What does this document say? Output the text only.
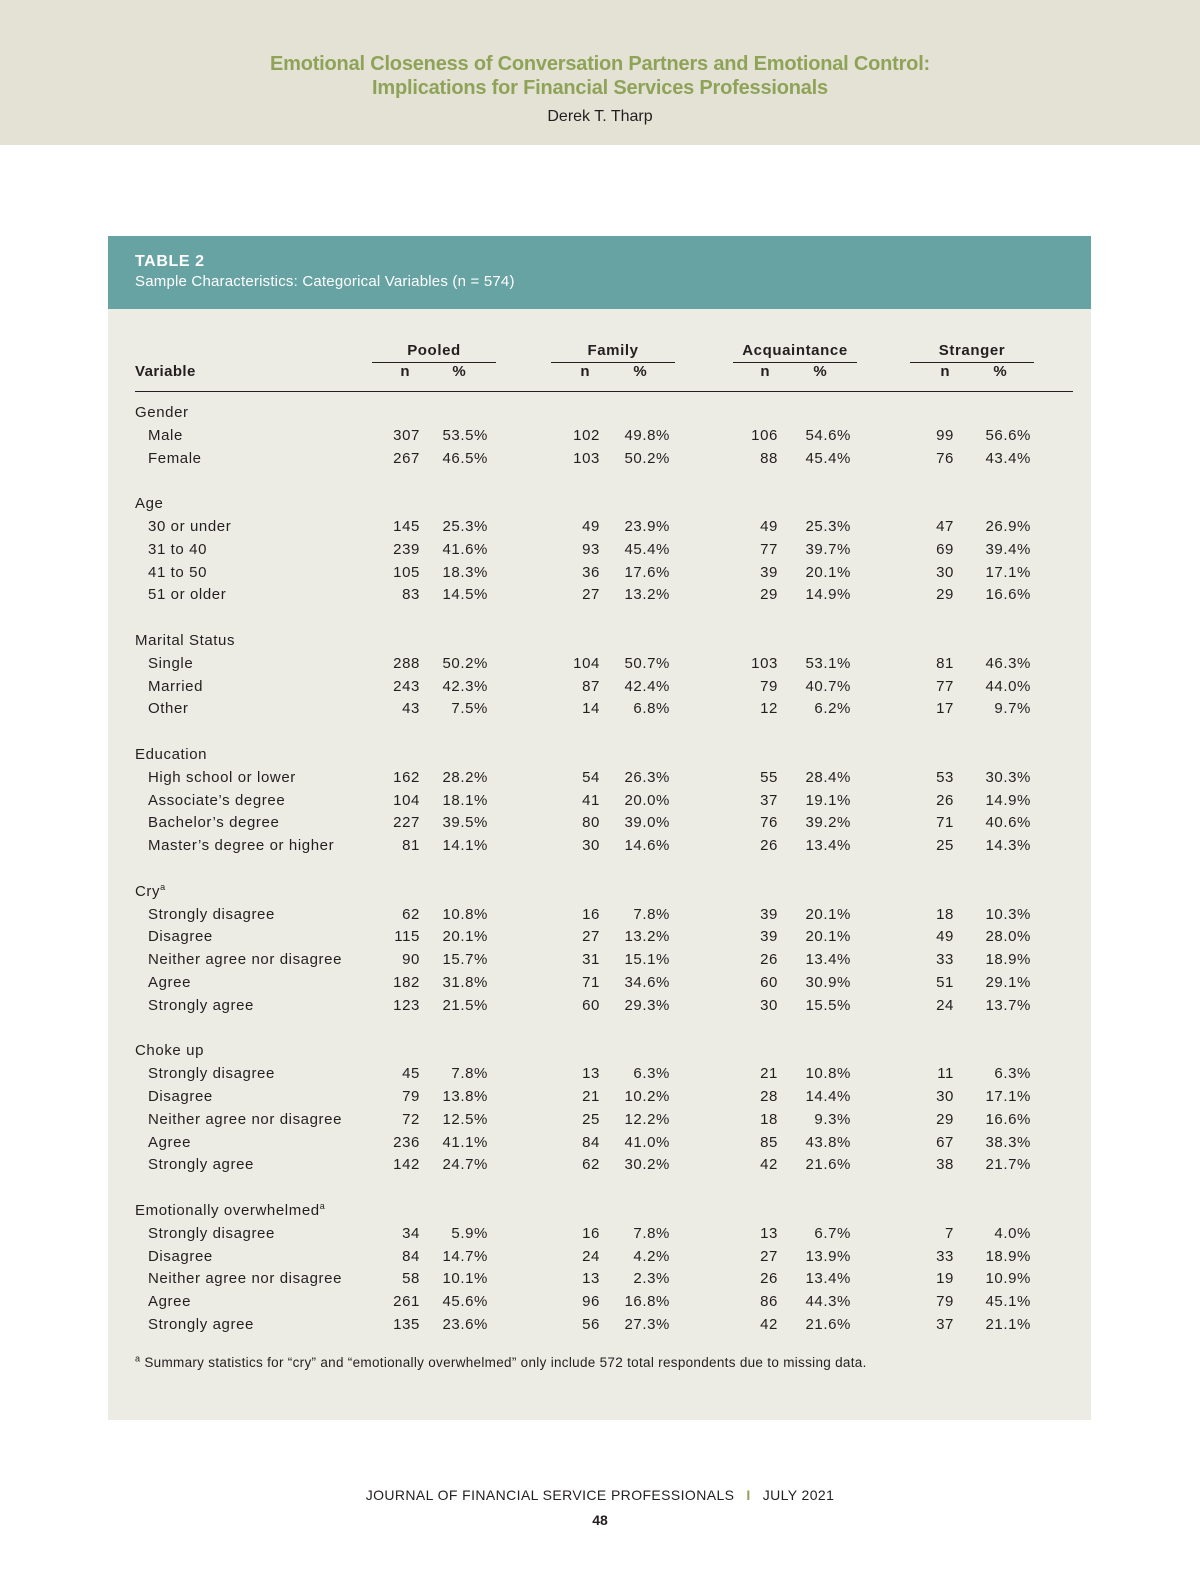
Emotional Closeness of Conversation Partners and Emotional Control:
Implications for Financial Services Professionals
Derek T. Tharp
TABLE 2
Sample Characteristics: Categorical Variables (n = 574)
Pooled	Family	Acquaintance	Stranger
Variable	n	%	n	%	n	%	n	%
Gender
Male	307	53.5%	102	49.8%	106	54.6%	99	56.6%
Female	267	46.5%	103	50.2%	88	45.4%	76	43.4%
Age
30 or under	145	25.3%	49	23.9%	49	25.3%	47	26.9%
31 to 40	239	41.6%	93	45.4%	77	39.7%	69	39.4%
41 to 50	105	18.3%	36	17.6%	39	20.1%	30	17.1%
51 or older	83	14.5%	27	13.2%	29	14.9%	29	16.6%
Marital Status
Single	288	50.2%	104	50.7%	103	53.1%	81	46.3%
Married	243	42.3%	87	42.4%	79	40.7%	77	44.0%
Other	43	7.5%	14	6.8%	12	6.2%	17	9.7%
Education
High school or lower	162	28.2%	54	26.3%	55	28.4%	53	30.3%
Associate’s degree	104	18.1%	41	20.0%	37	19.1%	26	14.9%
Bachelor’s degree	227	39.5%	80	39.0%	76	39.2%	71	40.6%
Master’s degree or higher	81	14.1%	30	14.6%	26	13.4%	25	14.3%
Cry$^a$
Strongly disagree	62	10.8%	16	7.8%	39	20.1%	18	10.3%
Disagree	115	20.1%	27	13.2%	39	20.1%	49	28.0%
Neither agree nor disagree	90	15.7%	31	15.1%	26	13.4%	33	18.9%
Agree	182	31.8%	71	34.6%	60	30.9%	51	29.1%
Strongly agree	123	21.5%	60	29.3%	30	15.5%	24	13.7%
Choke up
Strongly disagree	45	7.8%	13	6.3%	21	10.8%	11	6.3%
Disagree	79	13.8%	21	10.2%	28	14.4%	30	17.1%
Neither agree nor disagree	72	12.5%	25	12.2%	18	9.3%	29	16.6%
Agree	236	41.1%	84	41.0%	85	43.8%	67	38.3%
Strongly agree	142	24.7%	62	30.2%	42	21.6%	38	21.7%
Emotionally overwhelmed$^a$
Strongly disagree	34	5.9%	16	7.8%	13	6.7%	7	4.0%
Disagree	84	14.7%	24	4.2%	27	13.9%	33	18.9%
Neither agree nor disagree	58	10.1%	13	2.3%	26	13.4%	19	10.9%
Agree	261	45.6%	96	16.8%	86	44.3%	79	45.1%
Strongly agree	135	23.6%	56	27.3%	42	21.6%	37	21.1%
$^a$ Summary statistics for “cry” and “emotionally overwhelmed” only include 572 total respondents due to missing data.
JOURNAL OF FINANCIAL SERVICE PROFESSIONALS I JULY 2021
48
